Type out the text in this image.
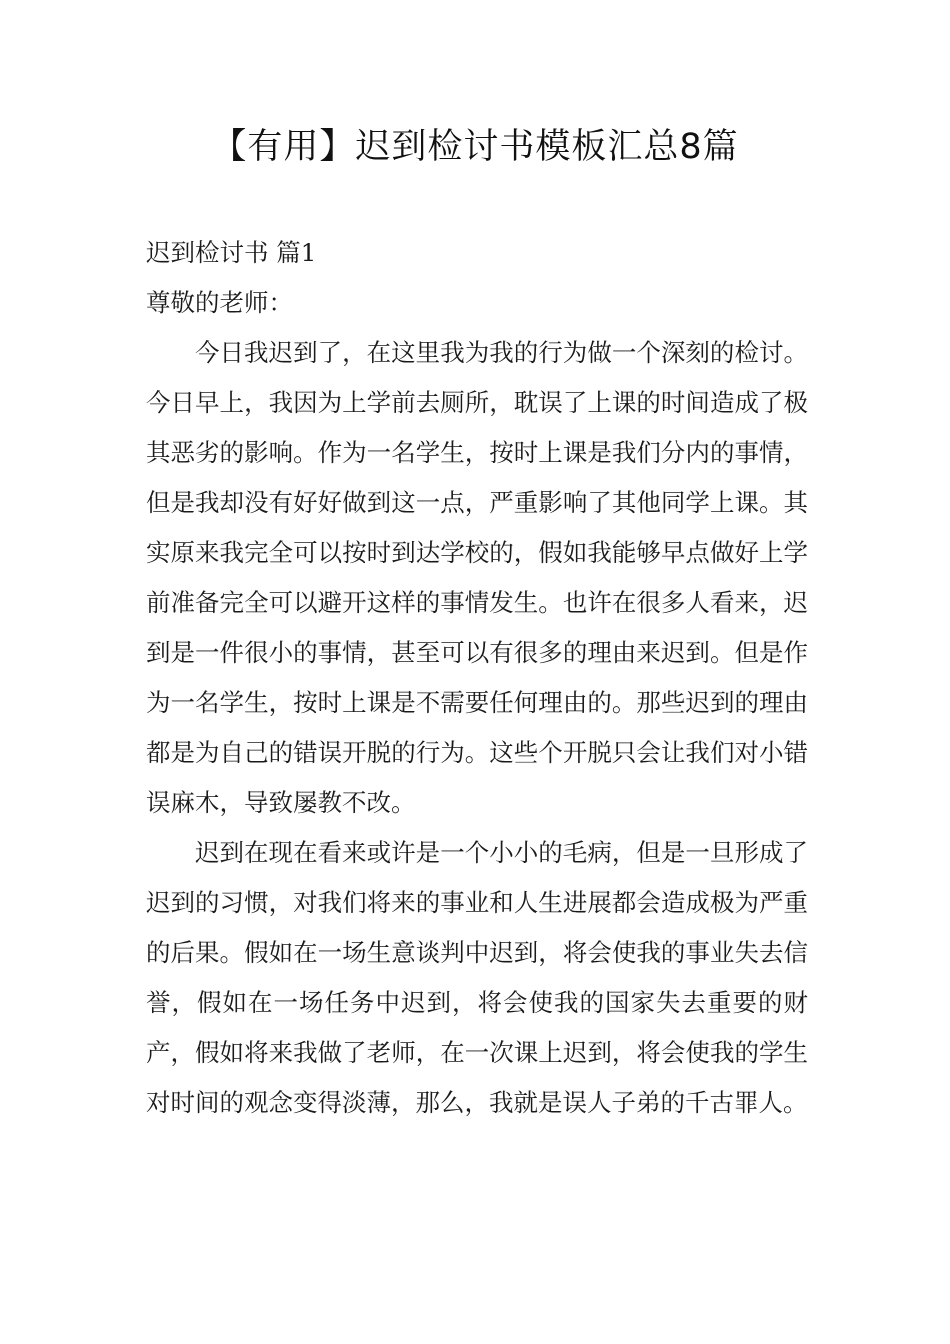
【有用】迟到检讨书模板汇总8篇

迟到检讨书 篇1

尊敬的老师：

今日我迟到了，在这里我为我的行为做一个深刻的检讨。今日早上，我因为上学前去厕所，耽误了上课的时间造成了极其恶劣的影响。作为一名学生，按时上课是我们分内的事情，但是我却没有好好做到这一点，严重影响了其他同学上课。其实原来我完全可以按时到达学校的，假如我能够早点做好上学前准备完全可以避开这样的事情发生。也许在很多人看来，迟到是一件很小的事情，甚至可以有很多的理由来迟到。但是作为一名学生，按时上课是不需要任何理由的。那些迟到的理由都是为自己的错误开脱的行为。这些个开脱只会让我们对小错误麻木，导致屡教不改。

迟到在现在看来或许是一个小小的毛病，但是一旦形成了迟到的习惯，对我们将来的事业和人生进展都会造成极为严重的后果。假如在一场生意谈判中迟到，将会使我的事业失去信誉，假如在一场任务中迟到，将会使我的国家失去重要的财产，假如将来我做了老师，在一次课上迟到，将会使我的学生对时间的观念变得淡薄，那么，我就是误人子弟的千古罪人。
